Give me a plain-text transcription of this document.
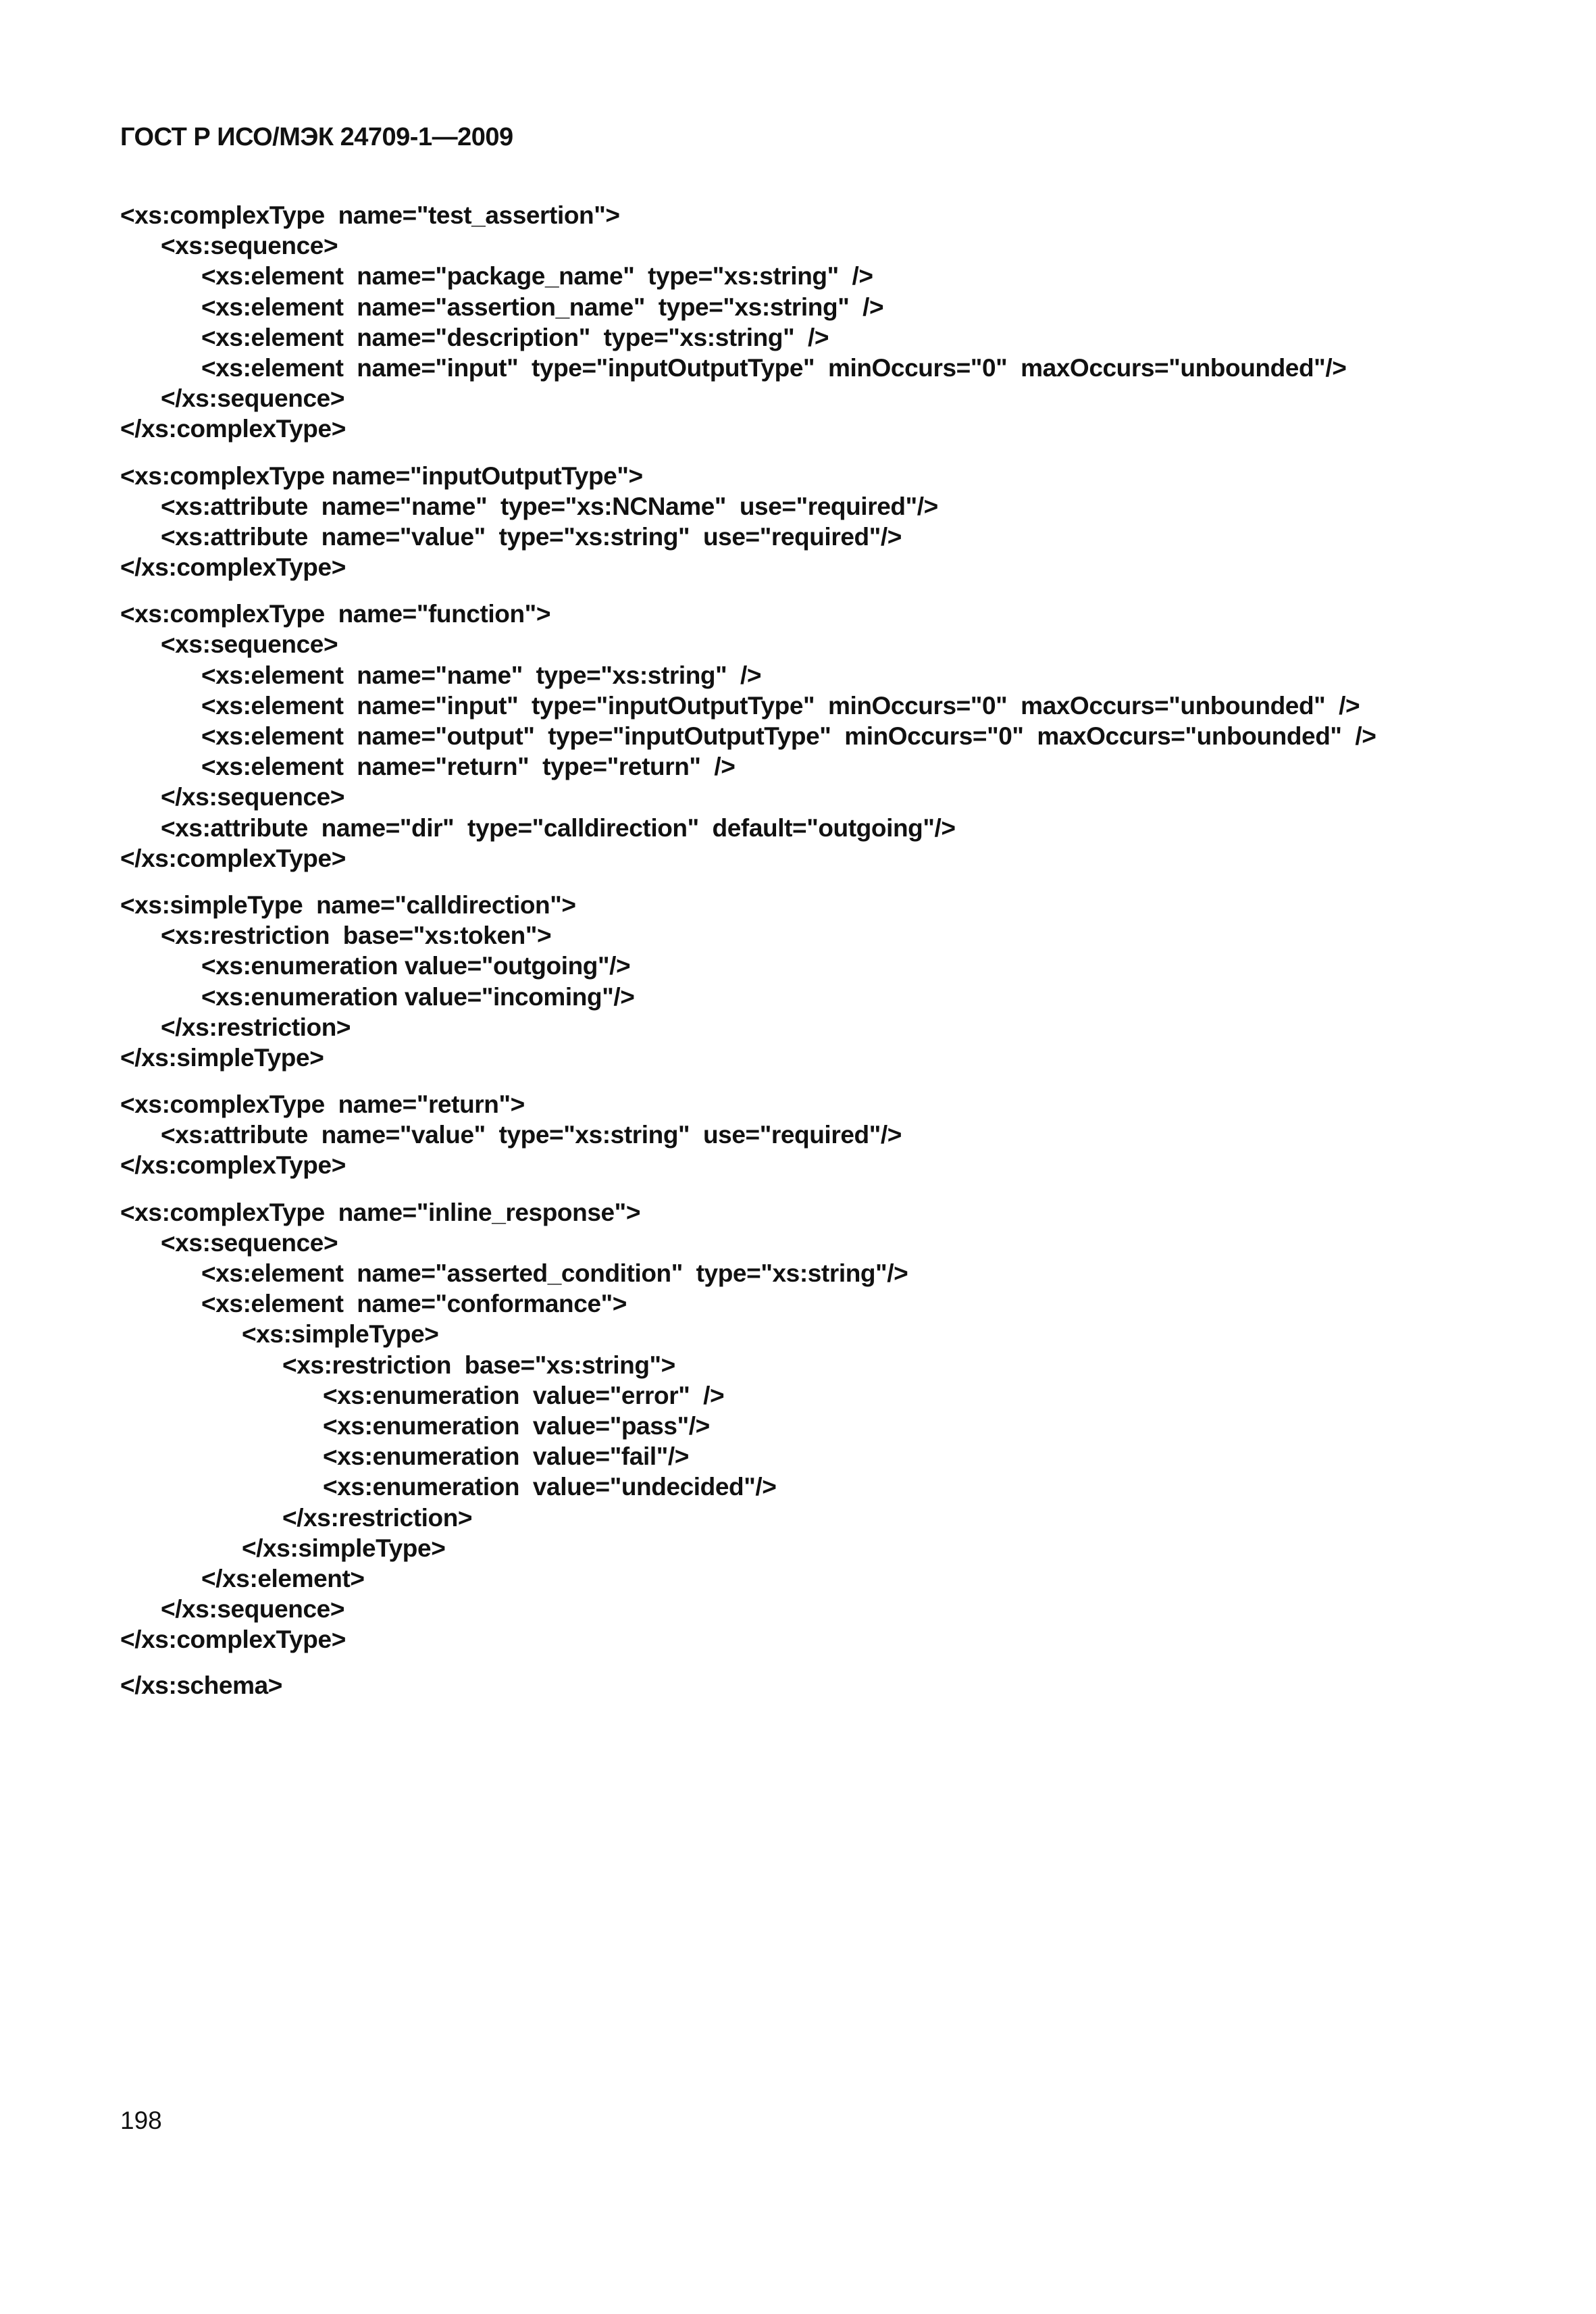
ГОСТ Р ИСО/МЭК 24709-1—2009
<xs:complexType  name="test_assertion">
<xs:sequence>
<xs:element  name="package_name"  type="xs:string"  />
<xs:element  name="assertion_name"  type="xs:string"  />
<xs:element  name="description"  type="xs:string"  />
<xs:element  name="input"  type="inputOutputType"  minOccurs="0"  maxOccurs="unbounded"/>
</xs:sequence>
</xs:complexType>
<xs:complexType name="inputOutputType">
<xs:attribute  name="name"  type="xs:NCName"  use="required"/>
<xs:attribute  name="value"  type="xs:string"  use="required"/>
</xs:complexType>
<xs:complexType  name="function">
<xs:sequence>
<xs:element  name="name"  type="xs:string"  />
<xs:element  name="input"  type="inputOutputType"  minOccurs="0"  maxOccurs="unbounded"  />
<xs:element  name="output"  type="inputOutputType"  minOccurs="0"  maxOccurs="unbounded"  />
<xs:element  name="return"  type="return"  />
</xs:sequence>
<xs:attribute  name="dir"  type="calldirection"  default="outgoing"/>
</xs:complexType>
<xs:simpleType  name="calldirection">
<xs:restriction  base="xs:token">
<xs:enumeration value="outgoing"/>
<xs:enumeration value="incoming"/>
</xs:restriction>
</xs:simpleType>
<xs:complexType  name="return">
<xs:attribute  name="value"  type="xs:string"  use="required"/>
</xs:complexType>
<xs:complexType  name="inline_response">
<xs:sequence>
<xs:element  name="asserted_condition"  type="xs:string"/>
<xs:element  name="conformance">
<xs:simpleType>
<xs:restriction  base="xs:string">
<xs:enumeration  value="error"  />
<xs:enumeration  value="pass"/>
<xs:enumeration  value="fail"/>
<xs:enumeration  value="undecided"/>
</xs:restriction>
</xs:simpleType>
</xs:element>
</xs:sequence>
</xs:complexType>
</xs:schema>
198
